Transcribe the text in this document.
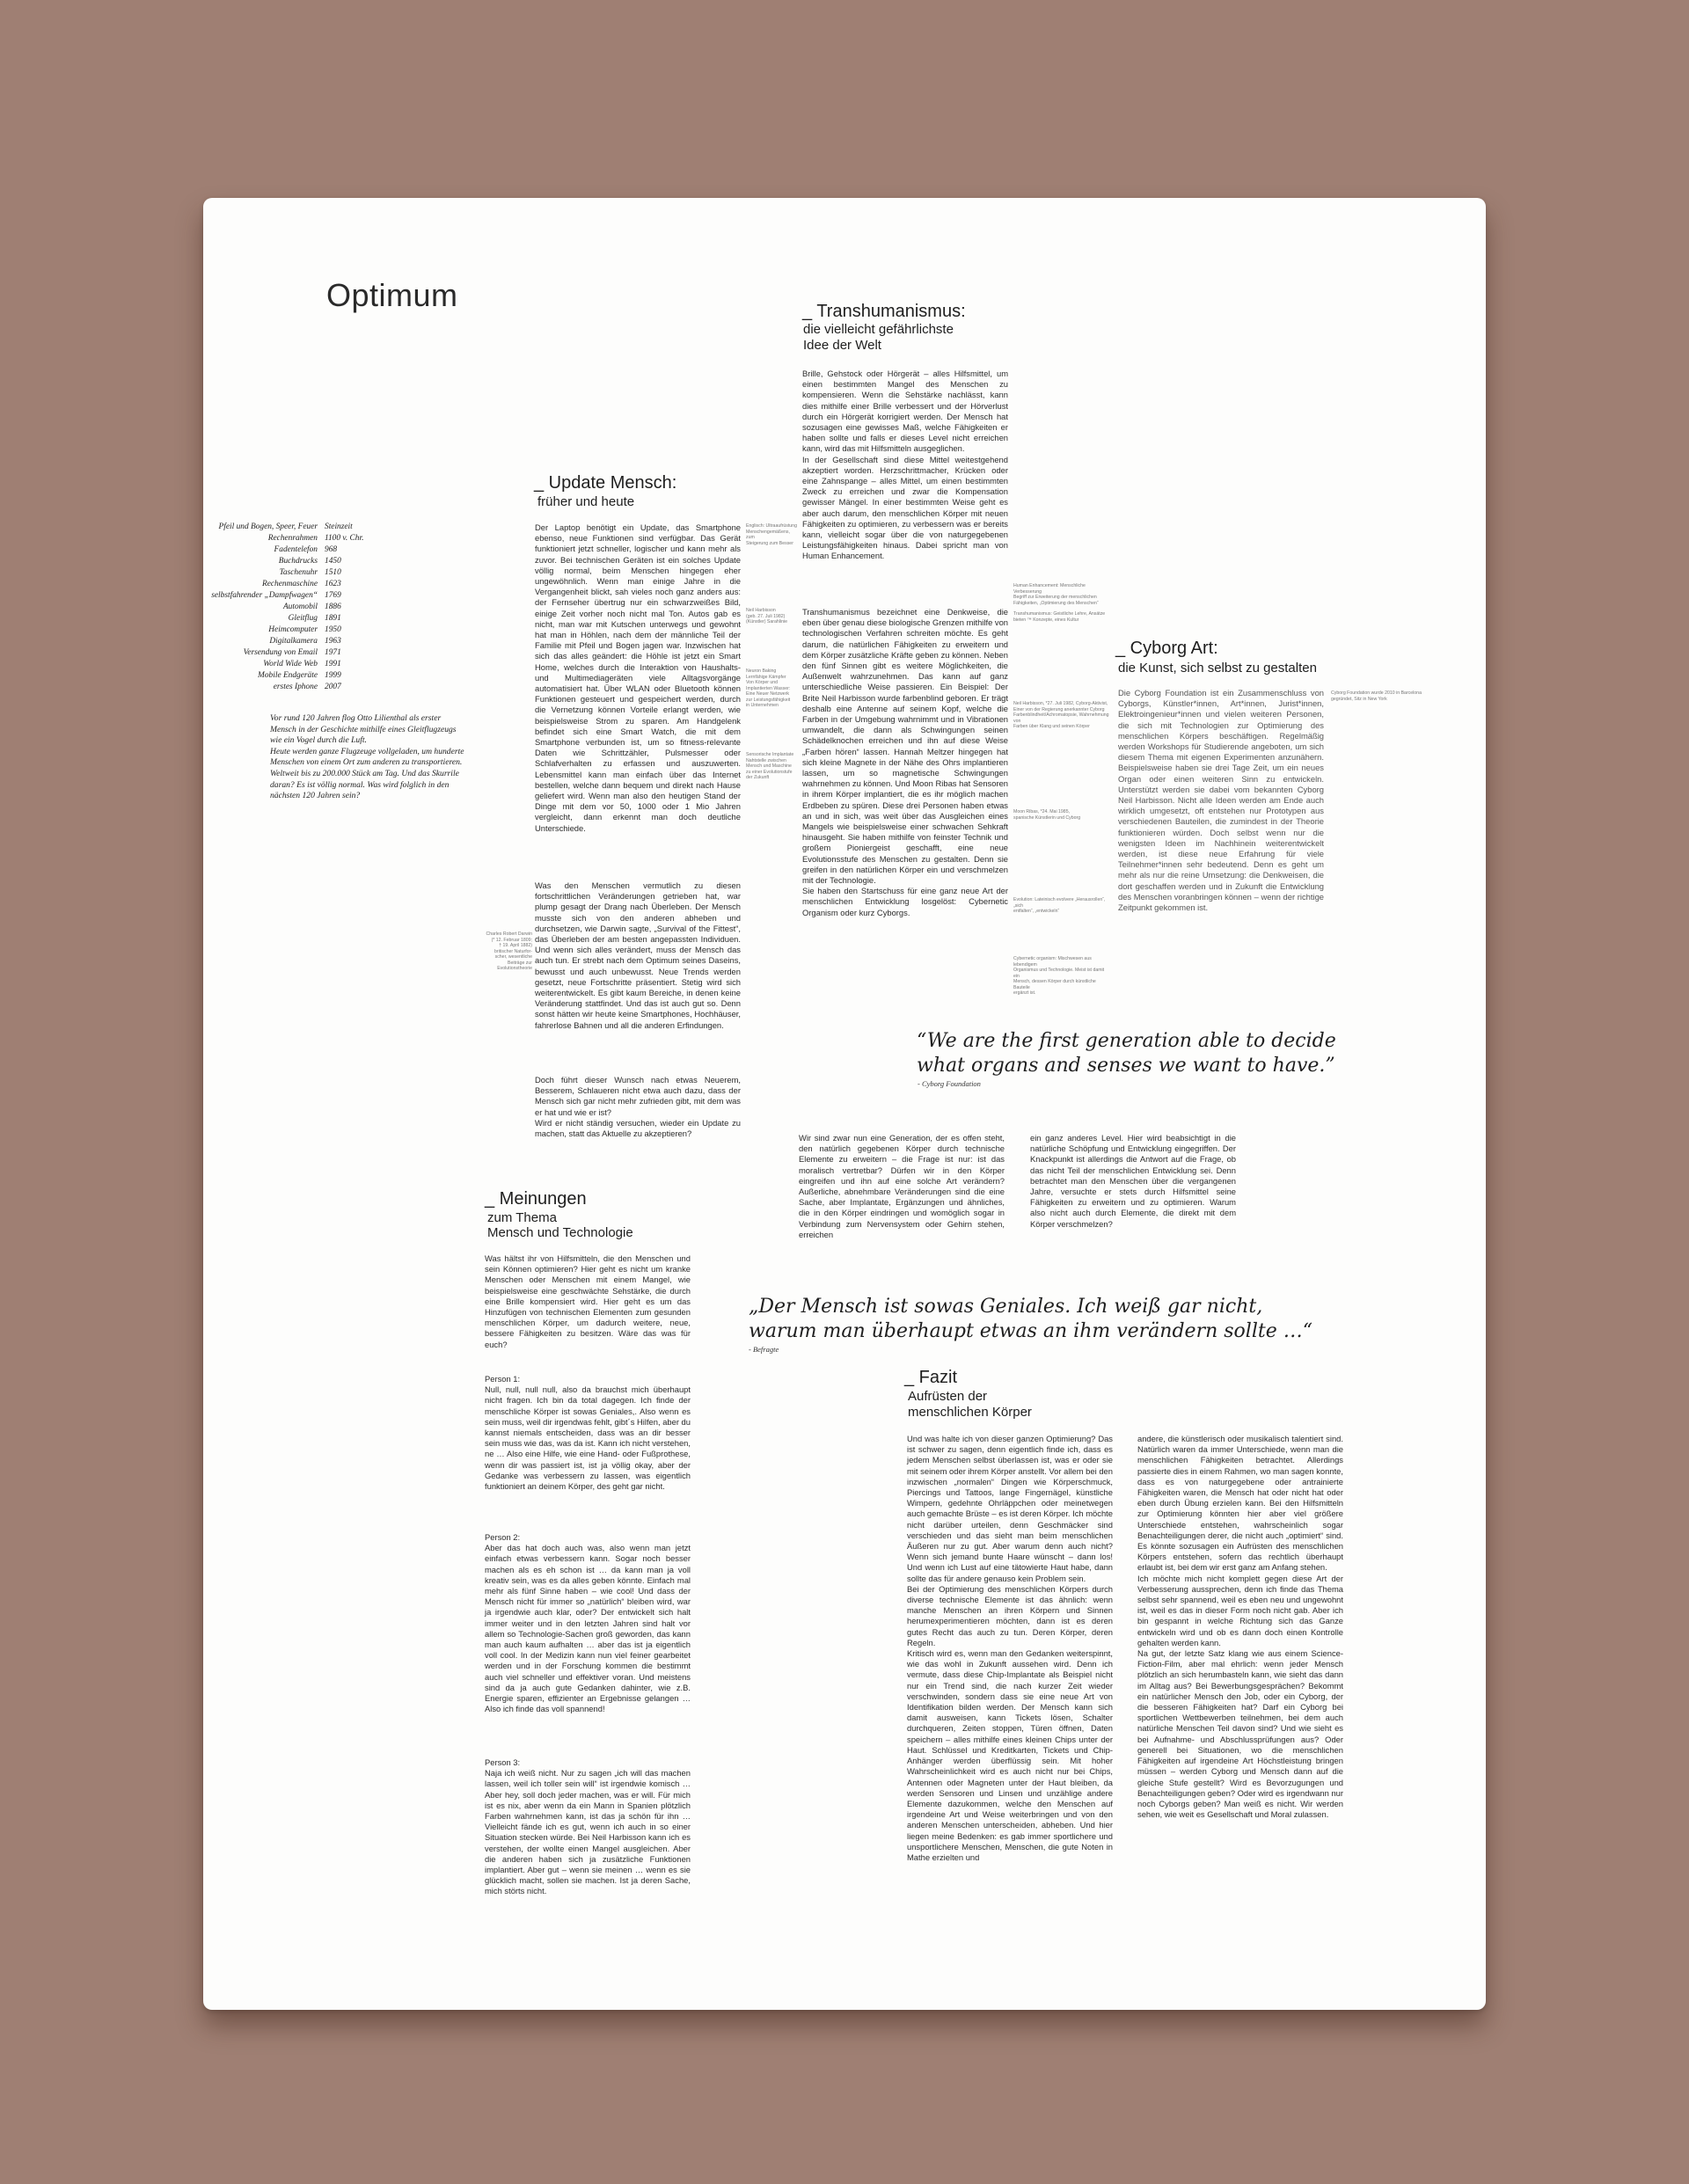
Optimum
Pfeil und Bogen, Speer, Feuer Steinzeit
Rechenrahmen 1100 v. Chr.
Fadentelefon 968
Buchdrucks 1450
Taschenuhr 1510
Rechenmaschine 1623
selbstfahrender „Dampfwagen“ 1769
Automobil 1886
Gleitflug 1891
Heimcomputer 1950
Digitalkamera 1963
Versendung von Email 1971
World Wide Web 1991
Mobile Endgeräte 1999
erstes Iphone 2007
Vor rund 120 Jahren flog Otto Lilienthal als erster Mensch in der Geschichte mithilfe eines Gleitflugzeugs wie ein Vogel durch die Luft.
Heute werden ganze Flugzeuge vollgeladen, um hunderte Menschen von einem Ort zum anderen zu transportieren. Weltweit bis zu 200.000 Stück am Tag. Und das Skurrile daran? Es ist völlig normal. Was wird folglich in den nächsten 120 Jahren sein?
_ Update Mensch:
früher und heute
Der Laptop benötigt ein Update, das Smartphone ebenso, neue Funktionen sind verfügbar. Das Gerät funktioniert jetzt schneller, logischer und kann mehr als zuvor. Bei technischen Geräten ist ein solches Update völlig normal, beim Menschen hingegen eher ungewöhnlich. Wenn man einige Jahre in die Vergangenheit blickt, sah vieles noch ganz anders aus: der Fernseher übertrug nur ein schwarzweißes Bild, einige Zeit vorher noch nicht mal Ton. Autos gab es nicht, man war mit Kutschen unterwegs und gewohnt hat man in Höhlen, nach dem der männliche Teil der Familie mit Pfeil und Bogen jagen war. Inzwischen hat sich das alles geändert: die Höhle ist jetzt ein Smart Home, welches durch die Interaktion von Haushalts- und Multimediageräten viele Alltagsvorgänge automatisiert hat. Über WLAN oder Bluetooth können Funktionen gesteuert und gespeichert werden, durch die Vernetzung können Vorteile erlangt werden, wie beispielsweise Strom zu sparen. Am Handgelenk befindet sich eine Smart Watch, die mit dem Smartphone verbunden ist, um so fitness-relevante Daten wie Schrittzähler, Pulsmesser oder Schlafverhalten zu erfassen und auszuwerten. Lebensmittel kann man einfach über das Internet bestellen, welche dann bequem und direkt nach Hause geliefert wird. Wenn man also den heutigen Stand der Dinge mit dem vor 50, 1000 oder 1 Mio Jahren vergleicht, dann erkennt man doch deutliche Unterschiede.
Was den Menschen vermutlich zu diesen fortschrittlichen Veränderungen getrieben hat, war plump gesagt der Drang nach Überleben. Der Mensch musste sich von den anderen abheben und durchsetzen, wie Darwin sagte, „Survival of the Fittest“, das Überleben der am besten angepassten Individuen. Und wenn sich alles verändert, muss der Mensch das auch tun. Er strebt nach dem Optimum seines Daseins, bewusst und auch unbewusst. Neue Trends werden gesetzt, neue Fortschritte präsentiert. Stetig wird sich weiterentwickelt. Es gibt kaum Bereiche, in denen keine Veränderung stattfindet. Und das ist auch gut so. Denn sonst hätten wir heute keine Smartphones, Hochhäuser, fahrerlose Bahnen und all die anderen Erfindungen.
Doch führt dieser Wunsch nach etwas Neuerem, Besserem, Schlaueren nicht etwa auch dazu, dass der Mensch sich gar nicht mehr zufrieden gibt, mit dem was er hat und wie er ist?
Wird er nicht ständig versuchen, wieder ein Update zu machen, statt das Aktuelle zu akzeptieren?
Charles Robert Darwin
(* 12. Februar 1809;
† 19. April 1882)
britischer Naturfor-
scher, wesentliche
Beiträge zur
Evolutionstheorie
_ Transhumanismus:
die vielleicht gefährlichste
Idee der Welt
Brille, Gehstock oder Hörgerät – alles Hilfsmittel, um einen bestimmten Mangel des Menschen zu kompensieren. Wenn die Sehstärke nachlässt, kann dies mithilfe einer Brille verbessert und der Hörverlust durch ein Hörgerät korrigiert werden. Der Mensch hat sozusagen eine gewisses Maß, welche Fähigkeiten er haben sollte und falls er dieses Level nicht erreichen kann, wird das mit Hilfsmitteln ausgeglichen.
In der Gesellschaft sind diese Mittel weitestgehend akzeptiert worden. Herzschrittmacher, Krücken oder eine Zahnspange – alles Mittel, um einen bestimmten Zweck zu erreichen und zwar die Kompensation gewisser Mängel. In einer bestimmten Weise geht es aber auch darum, den menschlichen Körper mit neuen Fähigkeiten zu optimieren, zu verbessern was er bereits kann, vielleicht sogar über die von naturgegebenen Leistungsfähigkeiten hinaus. Dabei spricht man von Human Enhancement.
Transhumanismus bezeichnet eine Denkweise, die eben über genau diese biologische Grenzen mithilfe von technologischen Verfahren schreiten möchte. Es geht darum, die natürlichen Fähigkeiten zu erweitern und dem Körper zusätzliche Kräfte geben zu können. Neben den fünf Sinnen gibt es weitere Möglichkeiten, die Außenwelt wahrzunehmen. Das kann auf ganz unterschiedliche Weise passieren. Ein Beispiel: Der Brite Neil Harbisson wurde farbenblind geboren. Er trägt deshalb eine Antenne auf seinem Kopf, welche die Farben in der Umgebung wahrnimmt und in Vibrationen umwandelt, die dann als Schwingungen seinen Schädelknochen erreichen und ihn auf diese Weise „Farben hören“ lassen. Hannah Meltzer hingegen hat sich kleine Magnete in der Nähe des Ohrs implantieren lassen, um so magnetische Schwingungen wahrnehmen zu können. Und Moon Ribas hat Sensoren in ihrem Körper implantiert, die es ihr möglich machen Erdbeben zu spüren. Diese drei Personen haben etwas an und in sich, was weit über das Ausgleichen eines Mangels wie beispielsweise einer schwachen Sehkraft hinausgeht. Sie haben mithilfe von feinster Technik und großem Pioniergeist geschafft, eine neue Evolutionsstufe des Menschen zu gestalten. Denn sie greifen in den natürlichen Körper ein und verschmelzen mit der Technologie.
Sie haben den Startschuss für eine ganz neue Art der menschlichen Entwicklung losgelöst: Cybernetic Organism oder kurz Cyborgs.
Englisch: Ultraaufrüstung
Menschengemäßens, zum
Steigerung zum Besser
Neil Harbisson
(geb. 27. Juli 1982)
(Künstler) Sarahlinie
Neuron Baking
Lernfähige Kämpfer
Von Körper und
Implantierten Wasser:
Eine Neuer Netzwerk
zur Leistungsfähigkeit
in Unternehmen
Sensorische Implantate
Nahtstelle zwischen
Mensch und Maschine
zu einer Evolutionstufe
der Zukunft
Human Enhancement: Menschliche Verbesserung
Begriff zur Erweiterung der menschlichen
Fähigkeiten, „Optimierung des Menschen“
Transhumanismus: Geistliche Lehre, Ansätze
bieten ™ Konzepte, eines Kultur
Neil Harbisson, *27. Juli 1982, Cyborg-Aktivist,
Einer von der Regierung anerkannter Cyborg
Farbenblindheit/Achromatopsie, Wahrnehmung von
Farben über Klang und seinen Körper
Moon Ribas, *24. Mai 1985,
spanische Künstlerin und Cyborg
Evolution: Lateinisch evolvere „Herausrollen“, „sich
entfalten“, „entwickeln“
Cybernetic organism: Mischwesen aus lebendigem
Organismus und Technologie. Meist ist damit ein
Mensch, dessen Körper durch künstliche Bauteile
ergänzt ist.
_ Cyborg Art:
die Kunst, sich selbst zu gestalten
Die Cyborg Foundation ist ein Zusammenschluss von Cyborgs, Künstler*innen, Art*innen, Jurist*innen, Elektroingenieur*innen und vielen weiteren Personen, die sich mit Technologien zur Optimierung des menschlichen Körpers beschäftigen. Regelmäßig werden Workshops für Studierende angeboten, um sich diesem Thema mit eigenen Experimenten anzunähern. Beispielsweise haben sie drei Tage Zeit, um ein neues Organ oder einen weiteren Sinn zu entwickeln. Unterstützt werden sie dabei vom bekannten Cyborg Neil Harbisson. Nicht alle Ideen werden am Ende auch wirklich umgesetzt, oft entstehen nur Prototypen aus verschiedenen Bauteilen, die zumindest in der Theorie funktionieren würden. Doch selbst wenn nur die wenigsten Ideen im Nachhinein weiterentwickelt werden, ist diese neue Erfahrung für viele Teilnehmer*innen sehr bedeutend. Denn es geht um mehr als nur die reine Umsetzung: die Denkweisen, die dort geschaffen werden und in Zukunft die Entwicklung des Menschen voranbringen können – wenn der richtige Zeitpunkt gekommen ist.
Cyborg Foundation wurde 2010 in Barcelona
gegründet, Sitz in New York
“We are the first generation able to decide
what organs and senses we want to have.”
- Cyborg Foundation
Wir sind zwar nun eine Generation, der es offen steht, den natürlich gegebenen Körper durch technische Elemente zu erweitern – die Frage ist nur: ist das moralisch vertretbar? Dürfen wir in den Körper eingreifen und ihn auf eine solche Art verändern? Außerliche, abnehmbare Veränderungen sind die eine Sache, aber Implantate, Ergänzungen und ähnliches, die in den Körper eindringen und womöglich sogar in Verbindung zum Nervensystem oder Gehirn stehen, erreichen
ein ganz anderes Level. Hier wird beabsichtigt in die natürliche Schöpfung und Entwicklung eingegriffen. Der Knackpunkt ist allerdings die Antwort auf die Frage, ob das nicht Teil der menschlichen Entwicklung sei. Denn betrachtet man den Menschen über die vergangenen Jahre, versuchte er stets durch Hilfsmittel seine Fähigkeiten zu erweitern und zu optimieren. Warum also nicht auch durch Elemente, die direkt mit dem Körper verschmelzen?
_ Meinungen
zum Thema
Mensch und Technologie
Was hältst ihr von Hilfsmitteln, die den Menschen und sein Können optimieren? Hier geht es nicht um kranke Menschen oder Menschen mit einem Mangel, wie beispielsweise eine geschwächte Sehstärke, die durch eine Brille kompensiert wird. Hier geht es um das Hinzufügen von technischen Elementen zum gesunden menschlichen Körper, um dadurch weitere, neue, bessere Fähigkeiten zu besitzen. Wäre das was für euch?
Person 1:
Null, null, null null, also da brauchst mich überhaupt nicht fragen. Ich bin da total dagegen. Ich finde der menschliche Körper ist sowas Geniales,. Also wenn es sein muss, weil dir irgendwas fehlt, gibt´s Hilfen, aber du kannst niemals entscheiden, dass was an dir besser sein muss wie das, was da ist. Kann ich nicht verstehen, ne … Also eine Hilfe, wie eine Hand- oder Fußprothese, wenn dir was passiert ist, ist ja völlig okay, aber der Gedanke was verbessern zu lassen, was eigentlich funktioniert an deinem Körper, des geht gar nicht.
Person 2:
Aber das hat doch auch was, also wenn man jetzt einfach etwas verbessern kann. Sogar noch besser machen als es eh schon ist … da kann man ja voll kreativ sein, was es da alles geben könnte. Einfach mal mehr als fünf Sinne haben – wie cool! Und dass der Mensch nicht für immer so „natürlich“ bleiben wird, war ja irgendwie auch klar, oder? Der entwickelt sich halt immer weiter und in den letzten Jahren sind halt vor allem so Technologie-Sachen groß geworden, das kann man auch kaum aufhalten … aber das ist ja eigentlich voll cool. In der Medizin kann nun viel feiner gearbeitet werden und in der Forschung kommen die bestimmt auch viel schneller und effektiver voran. Und meistens sind da ja auch gute Gedanken dahinter, wie z.B. Energie sparen, effizienter an Ergebnisse gelangen … Also ich finde das voll spannend!
Person 3:
Naja ich weiß nicht. Nur zu sagen „ich will das machen lassen, weil ich toller sein will“ ist irgendwie komisch … Aber hey, soll doch jeder machen, was er will. Für mich ist es nix, aber wenn da ein Mann in Spanien plötzlich Farben wahrnehmen kann, ist das ja schön für ihn … Vielleicht fände ich es gut, wenn ich auch in so einer Situation stecken würde. Bei Neil Harbisson kann ich es verstehen, der wollte einen Mangel ausgleichen. Aber die anderen haben sich ja zusätzliche Funktionen implantiert. Aber gut – wenn sie meinen … wenn es sie glücklich macht, sollen sie machen. Ist ja deren Sache, mich störts nicht.
„Der Mensch ist sowas Geniales. Ich weiß gar nicht,
warum man überhaupt etwas an ihm verändern sollte …“
- Befragte
_ Fazit
Aufrüsten der
menschlichen Körper
Und was halte ich von dieser ganzen Optimierung? Das ist schwer zu sagen, denn eigentlich finde ich, dass es jedem Menschen selbst überlassen ist, was er oder sie mit seinem oder ihrem Körper anstellt. Vor allem bei den inzwischen „normalen“ Dingen wie Körperschmuck, Piercings und Tattoos, lange Fingernägel, künstliche Wimpern, gedehnte Ohrläppchen oder meinetwegen auch gemachte Brüste – es ist deren Körper. Ich möchte nicht darüber urteilen, denn Geschmäcker sind verschieden und das sieht man beim menschlichen Äußeren nur zu gut. Aber warum denn auch nicht? Wenn sich jemand bunte Haare wünscht – dann los! Und wenn ich Lust auf eine tätowierte Haut habe, dann sollte das für andere genauso kein Problem sein.
Bei der Optimierung des menschlichen Körpers durch diverse technische Elemente ist das ähnlich: wenn manche Menschen an ihren Körpern und Sinnen herumexperimentieren möchten, dann ist es deren gutes Recht das auch zu tun. Deren Körper, deren Regeln.
Kritisch wird es, wenn man den Gedanken weiterspinnt, wie das wohl in Zukunft aussehen wird. Denn ich vermute, dass diese Chip-Implantate als Beispiel nicht nur ein Trend sind, die nach kurzer Zeit wieder verschwinden, sondern dass sie eine neue Art von Identifikation bilden werden. Der Mensch kann sich damit ausweisen, kann Tickets lösen, Schalter durchqueren, Zeiten stoppen, Türen öffnen, Daten speichern – alles mithilfe eines kleinen Chips unter der Haut. Schlüssel und Kreditkarten, Tickets und Chip-Anhänger werden überflüssig sein. Mit hoher Wahrscheinlichkeit wird es auch nicht nur bei Chips, Antennen oder Magneten unter der Haut bleiben, da werden Sensoren und Linsen und unzählige andere Elemente dazukommen, welche den Menschen auf irgendeine Art und Weise weiterbringen und von den anderen Menschen unterscheiden, abheben. Und hier liegen meine Bedenken: es gab immer sportlichere und unsportlichere Menschen, Menschen, die gute Noten in Mathe erzielten und
andere, die künstlerisch oder musikalisch talentiert sind. Natürlich waren da immer Unterschiede, wenn man die menschlichen Fähigkeiten betrachtet. Allerdings passierte dies in einem Rahmen, wo man sagen konnte, dass es von naturgegebene oder antrainierte Fähigkeiten waren, die Mensch hat oder nicht hat oder eben durch Übung erzielen kann. Bei den Hilfsmitteln zur Optimierung könnten hier aber viel größere Unterschiede entstehen, wahrscheinlich sogar Benachteiligungen derer, die nicht auch „optimiert“ sind. Es könnte sozusagen ein Aufrüsten des menschlichen Körpers entstehen, sofern das rechtlich überhaupt erlaubt ist, bei dem wir erst ganz am Anfang stehen.
Ich möchte mich nicht komplett gegen diese Art der Verbesserung aussprechen, denn ich finde das Thema selbst sehr spannend, weil es eben neu und ungewohnt ist, weil es das in dieser Form noch nicht gab. Aber ich bin gespannt in welche Richtung sich das Ganze entwickeln wird und ob es dann doch einen Kontrolle gehalten werden kann.
Na gut, der letzte Satz klang wie aus einem Science-Fiction-Film, aber mal ehrlich: wenn jeder Mensch plötzlich an sich herumbasteln kann, wie sieht das dann im Alltag aus? Bei Bewerbungsgesprächen? Bekommt ein natürlicher Mensch den Job, oder ein Cyborg, der die besseren Fähigkeiten hat? Darf ein Cyborg bei sportlichen Wettbewerben teilnehmen, bei dem auch natürliche Menschen Teil davon sind? Und wie sieht es bei Aufnahme- und Abschlussprüfungen aus? Oder generell bei Situationen, wo die menschlichen Fähigkeiten auf irgendeine Art Höchstleistung bringen müssen – werden Cyborg und Mensch dann auf die gleiche Stufe gestellt? Wird es Bevorzugungen und Benachteiligungen geben? Oder wird es irgendwann nur noch Cyborgs geben? Man weiß es nicht. Wir werden sehen, wie weit es Gesellschaft und Moral zulassen.
